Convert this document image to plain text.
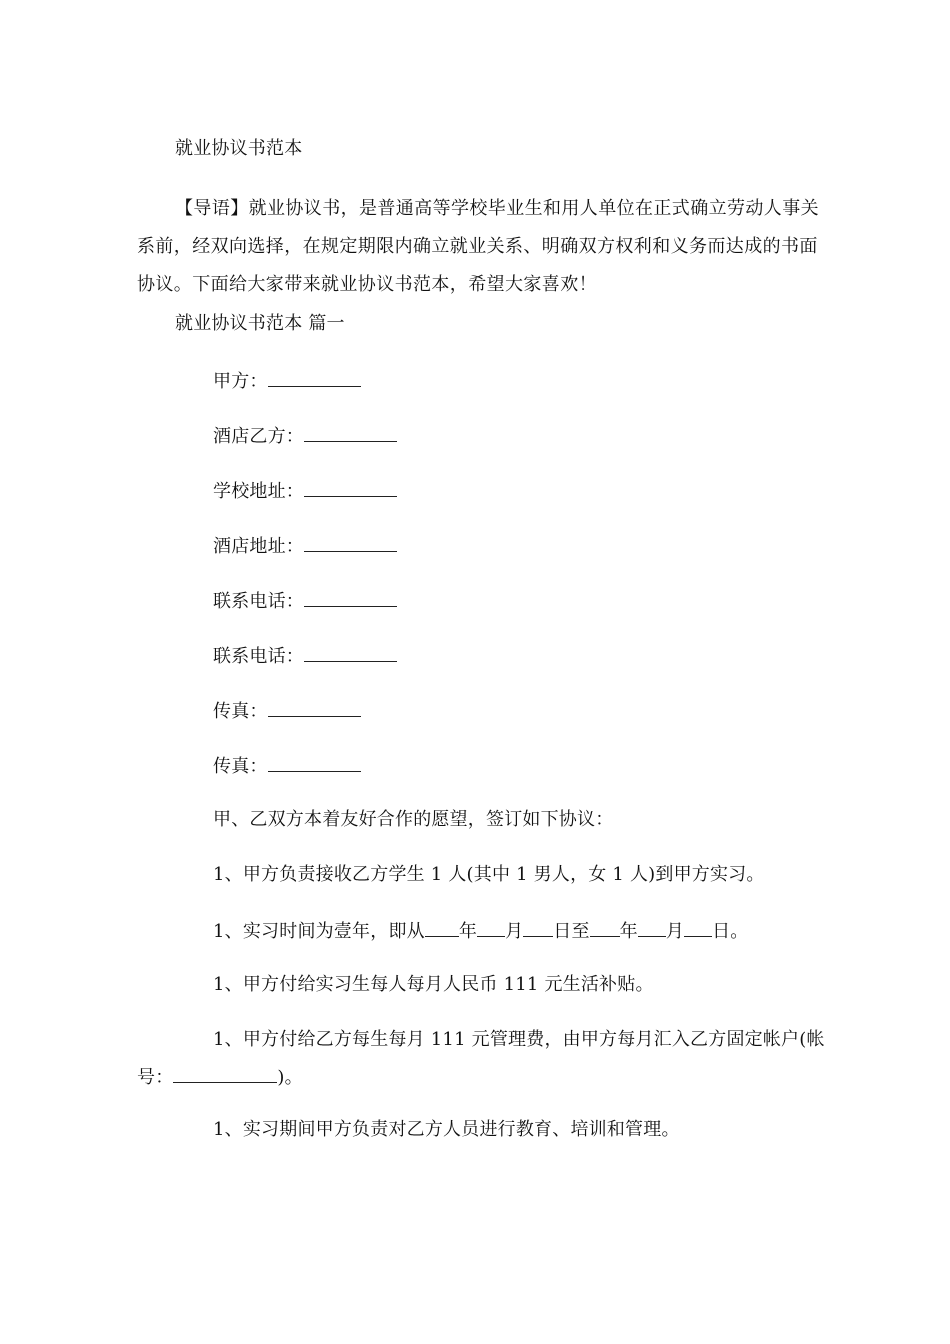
就业协议书范本
【导语】就业协议书，是普通高等学校毕业生和用人单位在正式确立劳动人事关系前，经双向选择，在规定期限内确立就业关系、明确双方权利和义务而达成的书面协议。下面给大家带来就业协议书范本，希望大家喜欢！
就业协议书范本 篇一
甲方：
酒店乙方：
学校地址：
酒店地址：
联系电话：
联系电话：
传真：
传真：
甲、乙双方本着友好合作的愿望，签订如下协议：
1、甲方负责接收乙方学生 1 人(其中 1 男人，女 1 人)到甲方实习。
1、实习时间为壹年，即从 年 月 日至 年 月 日。
1、甲方付给实习生每人每月人民币 111 元生活补贴。
1、甲方付给乙方每生每月 111 元管理费，由甲方每月汇入乙方固定帐户(帐号：	)。
1、实习期间甲方负责对乙方人员进行教育、培训和管理。
